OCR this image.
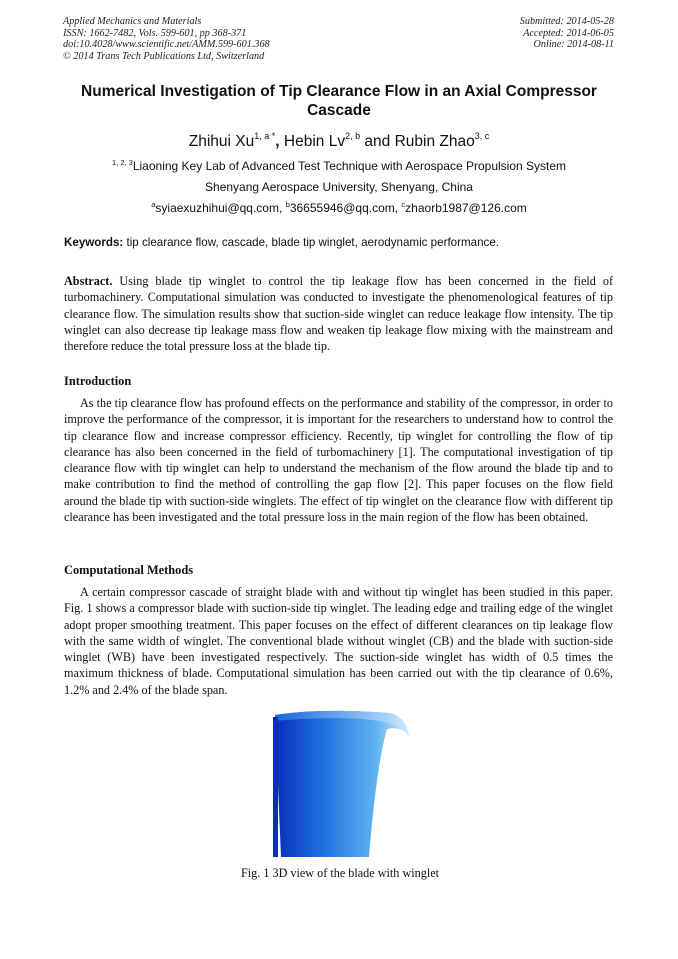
Applied Mechanics and Materials
ISSN: 1662-7482, Vols. 599-601, pp 368-371
doi:10.4028/www.scientific.net/AMM.599-601.368
© 2014 Trans Tech Publications Ltd, Switzerland
Submitted: 2014-05-28
Accepted: 2014-06-05
Online: 2014-08-11
Numerical Investigation of Tip Clearance Flow in an Axial Compressor
Cascade
Zhihui $Xu^{1, a *}$, Hebin Lv$^{2, b}$ and Rubin Zhao$^{3, c}$
$^{1, 2, 3}$Liaoning Key Lab of Advanced Test Technique with Aerospace Propulsion System
Shenyang Aerospace University, Shenyang, China
$^a$syiaexuzhihui@qq.com, $^b$36655946@qq.com, $^c$zhaorb1987@126.com
Keywords: tip clearance flow, cascade, blade tip winglet, aerodynamic performance.
Abstract. Using blade tip winglet to control the tip leakage flow has been concerned in the field of turbomachinery. Computational simulation was conducted to investigate the phenomenological features of tip clearance flow. The simulation results show that suction-side winglet can reduce leakage flow intensity. The tip winglet can also decrease tip leakage mass flow and weaken tip leakage flow mixing with the mainstream and therefore reduce the total pressure loss at the blade tip.
Introduction
As the tip clearance flow has profound effects on the performance and stability of the compressor, in order to improve the performance of the compressor, it is important for the researchers to understand how to control the tip clearance flow and increase compressor efficiency. Recently, tip winglet for controlling the flow of tip clearance has also been concerned in the field of turbomachinery [1]. The computational investigation of tip clearance flow with tip winglet can help to understand the mechanism of the flow around the blade tip and to make contribution to find the method of controlling the gap flow [2]. This paper focuses on the flow field around the blade tip with suction-side winglets. The effect of tip winglet on the clearance flow with different tip clearance has been investigated and the total pressure loss in the main region of the flow has been obtained.
Computational Methods
A certain compressor cascade of straight blade with and without tip winglet has been studied in this paper. Fig. 1 shows a compressor blade with suction-side tip winglet. The leading edge and trailing edge of the winglet adopt proper smoothing treatment. This paper focuses on the effect of different clearances on tip leakage flow with the same width of winglet. The conventional blade without winglet (CB) and the blade with suction-side winglet (WB) have been investigated respectively. The suction-side winglet has width of 0.5 times the maximum thickness of blade. Computational simulation has been carried out with the tip clearance of 0.6%, 1.2% and 2.4% of the blade span.
Fig. 1 3D view of the blade with winglet
